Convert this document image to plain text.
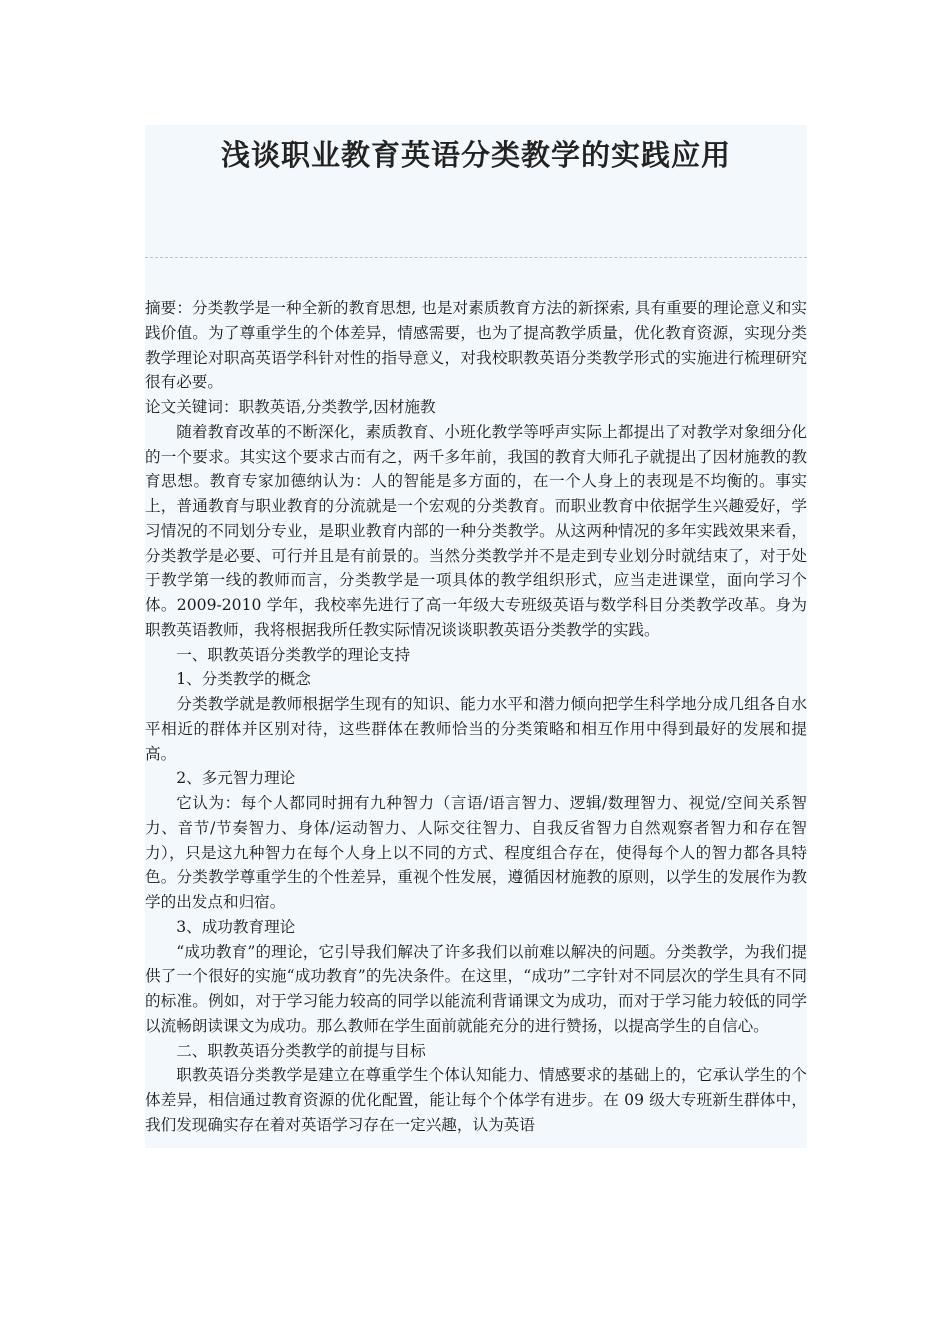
浅谈职业教育英语分类教学的实践应用

摘要：分类教学是一种全新的教育思想, 也是对素质教育方法的新探索, 具有重要的理论意义和实践价值。为了尊重学生的个体差异，情感需要，也为了提高教学质量，优化教育资源，实现分类教学理论对职高英语学科针对性的指导意义，对我校职教英语分类教学形式的实施进行梳理研究很有必要。

论文关键词：职教英语,分类教学,因材施教

随着教育改革的不断深化，素质教育、小班化教学等呼声实际上都提出了对教学对象细分化的一个要求。其实这个要求古而有之，两千多年前，我国的教育大师孔子就提出了因材施教的教育思想。教育专家加德纳认为：人的智能是多方面的，在一个人身上的表现是不均衡的。事实上，普通教育与职业教育的分流就是一个宏观的分类教育。而职业教育中依据学生兴趣爱好，学习情况的不同划分专业，是职业教育内部的一种分类教学。从这两种情况的多年实践效果来看，分类教学是必要、可行并且是有前景的。当然分类教学并不是走到专业划分时就结束了，对于处于教学第一线的教师而言，分类教学是一项具体的教学组织形式，应当走进课堂，面向学习个体。2009-2010 学年，我校率先进行了高一年级大专班级英语与数学科目分类教学改革。身为职教英语教师，我将根据我所任教实际情况谈谈职教英语分类教学的实践。

一、职教英语分类教学的理论支持

1、分类教学的概念

分类教学就是教师根据学生现有的知识、能力水平和潜力倾向把学生科学地分成几组各自水平相近的群体并区别对待，这些群体在教师恰当的分类策略和相互作用中得到最好的发展和提高。

2、多元智力理论

它认为：每个人都同时拥有九种智力（言语/语言智力、逻辑/数理智力、视觉/空间关系智力、音节/节奏智力、身体/运动智力、人际交往智力、自我反省智力自然观察者智力和存在智力），只是这九种智力在每个人身上以不同的方式、程度组合存在，使得每个人的智力都各具特色。分类教学尊重学生的个性差异，重视个性发展，遵循因材施教的原则，以学生的发展作为教学的出发点和归宿。

3、成功教育理论

“成功教育”的理论，它引导我们解决了许多我们以前难以解决的问题。分类教学，为我们提供了一个很好的实施“成功教育”的先决条件。在这里，“成功”二字针对不同层次的学生具有不同的标准。例如，对于学习能力较高的同学以能流利背诵课文为成功，而对于学习能力较低的同学以流畅朗读课文为成功。那么教师在学生面前就能充分的进行赞扬，以提高学生的自信心。

二、职教英语分类教学的前提与目标

职教英语分类教学是建立在尊重学生个体认知能力、情感要求的基础上的，它承认学生的个体差异，相信通过教育资源的优化配置，能让每个个体学有进步。在 09 级大专班新生群体中，我们发现确实存在着对英语学习存在一定兴趣，认为英语
